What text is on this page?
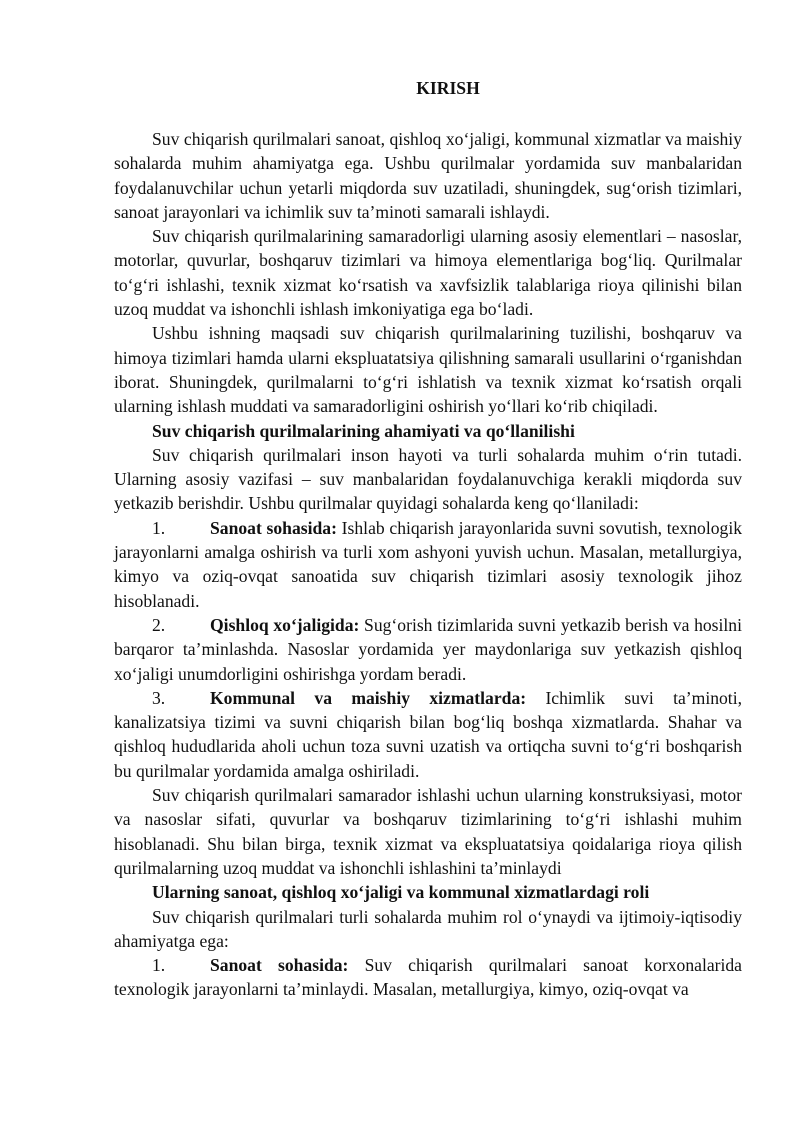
KIRISH

Suv chiqarish qurilmalari sanoat, qishloq xo‘jaligi, kommunal xizmatlar va maishiy sohalarda muhim ahamiyatga ega. Ushbu qurilmalar yordamida suv manbalaridan foydalanuvchilar uchun yetarli miqdorda suv uzatiladi, shuningdek, sug‘orish tizimlari, sanoat jarayonlari va ichimlik suv ta’minoti samarali ishlaydi.

Suv chiqarish qurilmalarining samaradorligi ularning asosiy elementlari – nasoslar, motorlar, quvurlar, boshqaruv tizimlari va himoya elementlariga bog‘liq. Qurilmalar to‘g‘ri ishlashi, texnik xizmat ko‘rsatish va xavfsizlik talablariga rioya qilinishi bilan uzoq muddat va ishonchli ishlash imkoniyatiga ega bo‘ladi.

Ushbu ishning maqsadi suv chiqarish qurilmalarining tuzilishi, boshqaruv va himoya tizimlari hamda ularni ekspluatatsiya qilishning samarali usullarini o‘rganishdan iborat. Shuningdek, qurilmalarni to‘g‘ri ishlatish va texnik xizmat ko‘rsatish orqali ularning ishlash muddati va samaradorligini oshirish yo‘llari ko‘rib chiqiladi.

Suv chiqarish qurilmalarining ahamiyati va qo‘llanilishi

Suv chiqarish qurilmalari inson hayoti va turli sohalarda muhim o‘rin tutadi. Ularning asosiy vazifasi – suv manbalaridan foydalanuvchiga kerakli miqdorda suv yetkazib berishdir. Ushbu qurilmalar quyidagi sohalarda keng qo‘llaniladi:

1.	Sanoat sohasida: Ishlab chiqarish jarayonlarida suvni sovutish, texnologik jarayonlarni amalga oshirish va turli xom ashyoni yuvish uchun. Masalan, metallurgiya, kimyo va oziq-ovqat sanoatida suv chiqarish tizimlari asosiy texnologik jihoz hisoblanadi.

2.	Qishloq xo‘jaligida: Sug‘orish tizimlarida suvni yetkazib berish va hosilni barqaror ta’minlashda. Nasoslar yordamida yer maydonlariga suv yetkazish qishloq xo‘jaligi unumdorligini oshirishga yordam beradi.

3.	Kommunal va maishiy xizmatlarda: Ichimlik suvi ta’minoti, kanalizatsiya tizimi va suvni chiqarish bilan bog‘liq boshqa xizmatlarda. Shahar va qishloq hududlarida aholi uchun toza suvni uzatish va ortiqcha suvni to‘g‘ri boshqarish bu qurilmalar yordamida amalga oshiriladi.

Suv chiqarish qurilmalari samarador ishlashi uchun ularning konstruksiyasi, motor va nasoslar sifati, quvurlar va boshqaruv tizimlarining to‘g‘ri ishlashi muhim hisoblanadi. Shu bilan birga, texnik xizmat va ekspluatatsiya qoidalariga rioya qilish qurilmalarning uzoq muddat va ishonchli ishlashini ta’minlaydi

Ularning sanoat, qishloq xo‘jaligi va kommunal xizmatlardagi roli

Suv chiqarish qurilmalari turli sohalarda muhim rol o‘ynaydi va ijtimoiy-iqtisodiy ahamiyatga ega:

1.	Sanoat sohasida: Suv chiqarish qurilmalari sanoat korxonalarida texnologik jarayonlarni ta’minlaydi. Masalan, metallurgiya, kimyo, oziq-ovqat va
